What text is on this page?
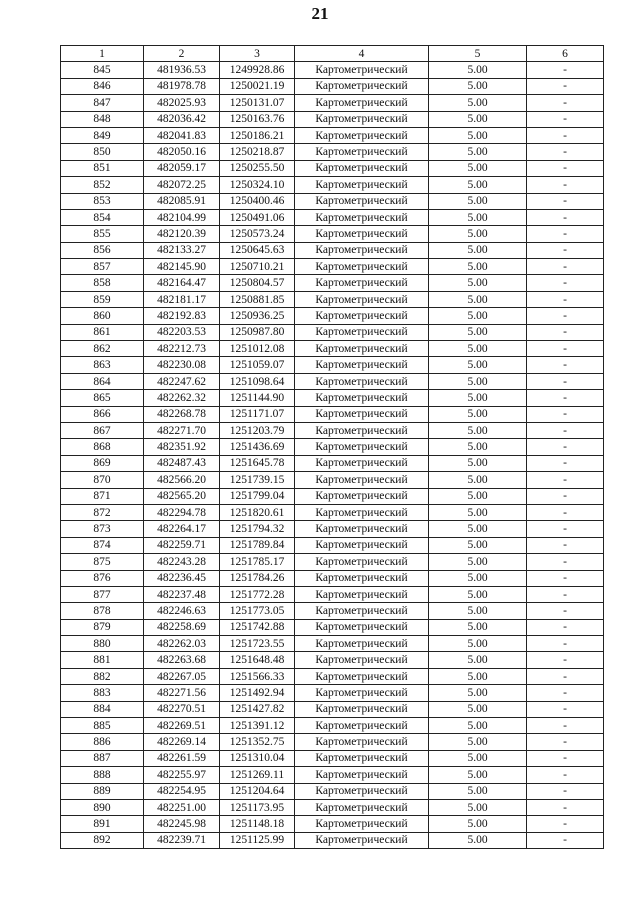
21
1	2	3	4	5	6
845	481936.53	1249928.86	Картометрический	5.00	-
846	481978.78	1250021.19	Картометрический	5.00	-
847	482025.93	1250131.07	Картометрический	5.00	-
848	482036.42	1250163.76	Картометрический	5.00	-
849	482041.83	1250186.21	Картометрический	5.00	-
850	482050.16	1250218.87	Картометрический	5.00	-
851	482059.17	1250255.50	Картометрический	5.00	-
852	482072.25	1250324.10	Картометрический	5.00	-
853	482085.91	1250400.46	Картометрический	5.00	-
854	482104.99	1250491.06	Картометрический	5.00	-
855	482120.39	1250573.24	Картометрический	5.00	-
856	482133.27	1250645.63	Картометрический	5.00	-
857	482145.90	1250710.21	Картометрический	5.00	-
858	482164.47	1250804.57	Картометрический	5.00	-
859	482181.17	1250881.85	Картометрический	5.00	-
860	482192.83	1250936.25	Картометрический	5.00	-
861	482203.53	1250987.80	Картометрический	5.00	-
862	482212.73	1251012.08	Картометрический	5.00	-
863	482230.08	1251059.07	Картометрический	5.00	-
864	482247.62	1251098.64	Картометрический	5.00	-
865	482262.32	1251144.90	Картометрический	5.00	-
866	482268.78	1251171.07	Картометрический	5.00	-
867	482271.70	1251203.79	Картометрический	5.00	-
868	482351.92	1251436.69	Картометрический	5.00	-
869	482487.43	1251645.78	Картометрический	5.00	-
870	482566.20	1251739.15	Картометрический	5.00	-
871	482565.20	1251799.04	Картометрический	5.00	-
872	482294.78	1251820.61	Картометрический	5.00	-
873	482264.17	1251794.32	Картометрический	5.00	-
874	482259.71	1251789.84	Картометрический	5.00	-
875	482243.28	1251785.17	Картометрический	5.00	-
876	482236.45	1251784.26	Картометрический	5.00	-
877	482237.48	1251772.28	Картометрический	5.00	-
878	482246.63	1251773.05	Картометрический	5.00	-
879	482258.69	1251742.88	Картометрический	5.00	-
880	482262.03	1251723.55	Картометрический	5.00	-
881	482263.68	1251648.48	Картометрический	5.00	-
882	482267.05	1251566.33	Картометрический	5.00	-
883	482271.56	1251492.94	Картометрический	5.00	-
884	482270.51	1251427.82	Картометрический	5.00	-
885	482269.51	1251391.12	Картометрический	5.00	-
886	482269.14	1251352.75	Картометрический	5.00	-
887	482261.59	1251310.04	Картометрический	5.00	-
888	482255.97	1251269.11	Картометрический	5.00	-
889	482254.95	1251204.64	Картометрический	5.00	-
890	482251.00	1251173.95	Картометрический	5.00	-
891	482245.98	1251148.18	Картометрический	5.00	-
892	482239.71	1251125.99	Картометрический	5.00	-
